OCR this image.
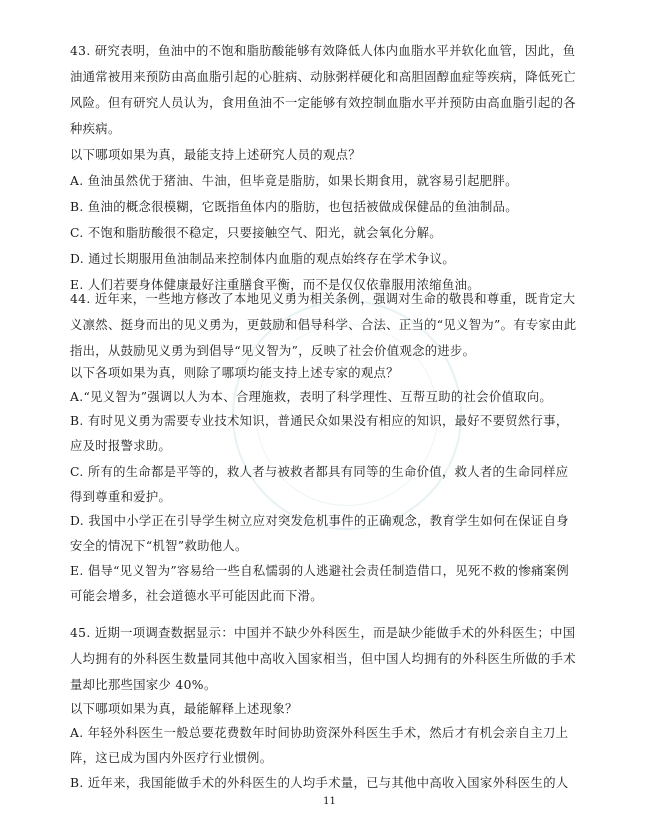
43. 研究表明，鱼油中的不饱和脂肪酸能够有效降低人体内血脂水平并软化血管，因此，鱼
油通常被用来预防由高血脂引起的心脏病、动脉粥样硬化和高胆固醇血症等疾病，降低死亡
风险。但有研究人员认为，食用鱼油不一定能够有效控制血脂水平并预防由高血脂引起的各
种疾病。
以下哪项如果为真，最能支持上述研究人员的观点？
A. 鱼油虽然优于猪油、牛油，但毕竟是脂肪，如果长期食用，就容易引起肥胖。
B. 鱼油的概念很模糊，它既指鱼体内的脂肪，也包括被做成保健品的鱼油制品。
C. 不饱和脂肪酸很不稳定，只要接触空气、阳光，就会氧化分解。
D. 通过长期服用鱼油制品来控制体内血脂的观点始终存在学术争议。
E. 人们若要身体健康最好注重膳食平衡，而不是仅仅依靠服用浓缩鱼油。
44. 近年来，一些地方修改了本地见义勇为相关条例，强调对生命的敬畏和尊重，既肯定大
义凛然、挺身而出的见义勇为，更鼓励和倡导科学、合法、正当的“见义智为”。有专家由此
指出，从鼓励见义勇为到倡导“见义智为”，反映了社会价值观念的进步。
以下各项如果为真，则除了哪项均能支持上述专家的观点？
A.“见义智为”强调以人为本、合理施救，表明了科学理性、互帮互助的社会价值取向。
B. 有时见义勇为需要专业技术知识，普通民众如果没有相应的知识，最好不要贸然行事，
应及时报警求助。
C. 所有的生命都是平等的，救人者与被救者都具有同等的生命价值，救人者的生命同样应
得到尊重和爱护。
D. 我国中小学正在引导学生树立应对突发危机事件的正确观念，教育学生如何在保证自身
安全的情况下“机智”救助他人。
E. 倡导“见义智为”容易给一些自私懦弱的人逃避社会责任制造借口，见死不救的惨痛案例
可能会增多，社会道德水平可能因此而下滑。
45. 近期一项调查数据显示：中国并不缺少外科医生，而是缺少能做手术的外科医生；中国
人均拥有的外科医生数量同其他中高收入国家相当，但中国人均拥有的外科医生所做的手术
量却比那些国家少 40%。
以下哪项如果为真，最能解释上述现象？
A. 年轻外科医生一般总要花费数年时间协助资深外科医生手术，然后才有机会亲自主刀上
阵，这已成为国内外医疗行业惯例。
B. 近年来，我国能做手术的外科医生的人均手术量，已与其他中高收入国家外科医生的人
11
